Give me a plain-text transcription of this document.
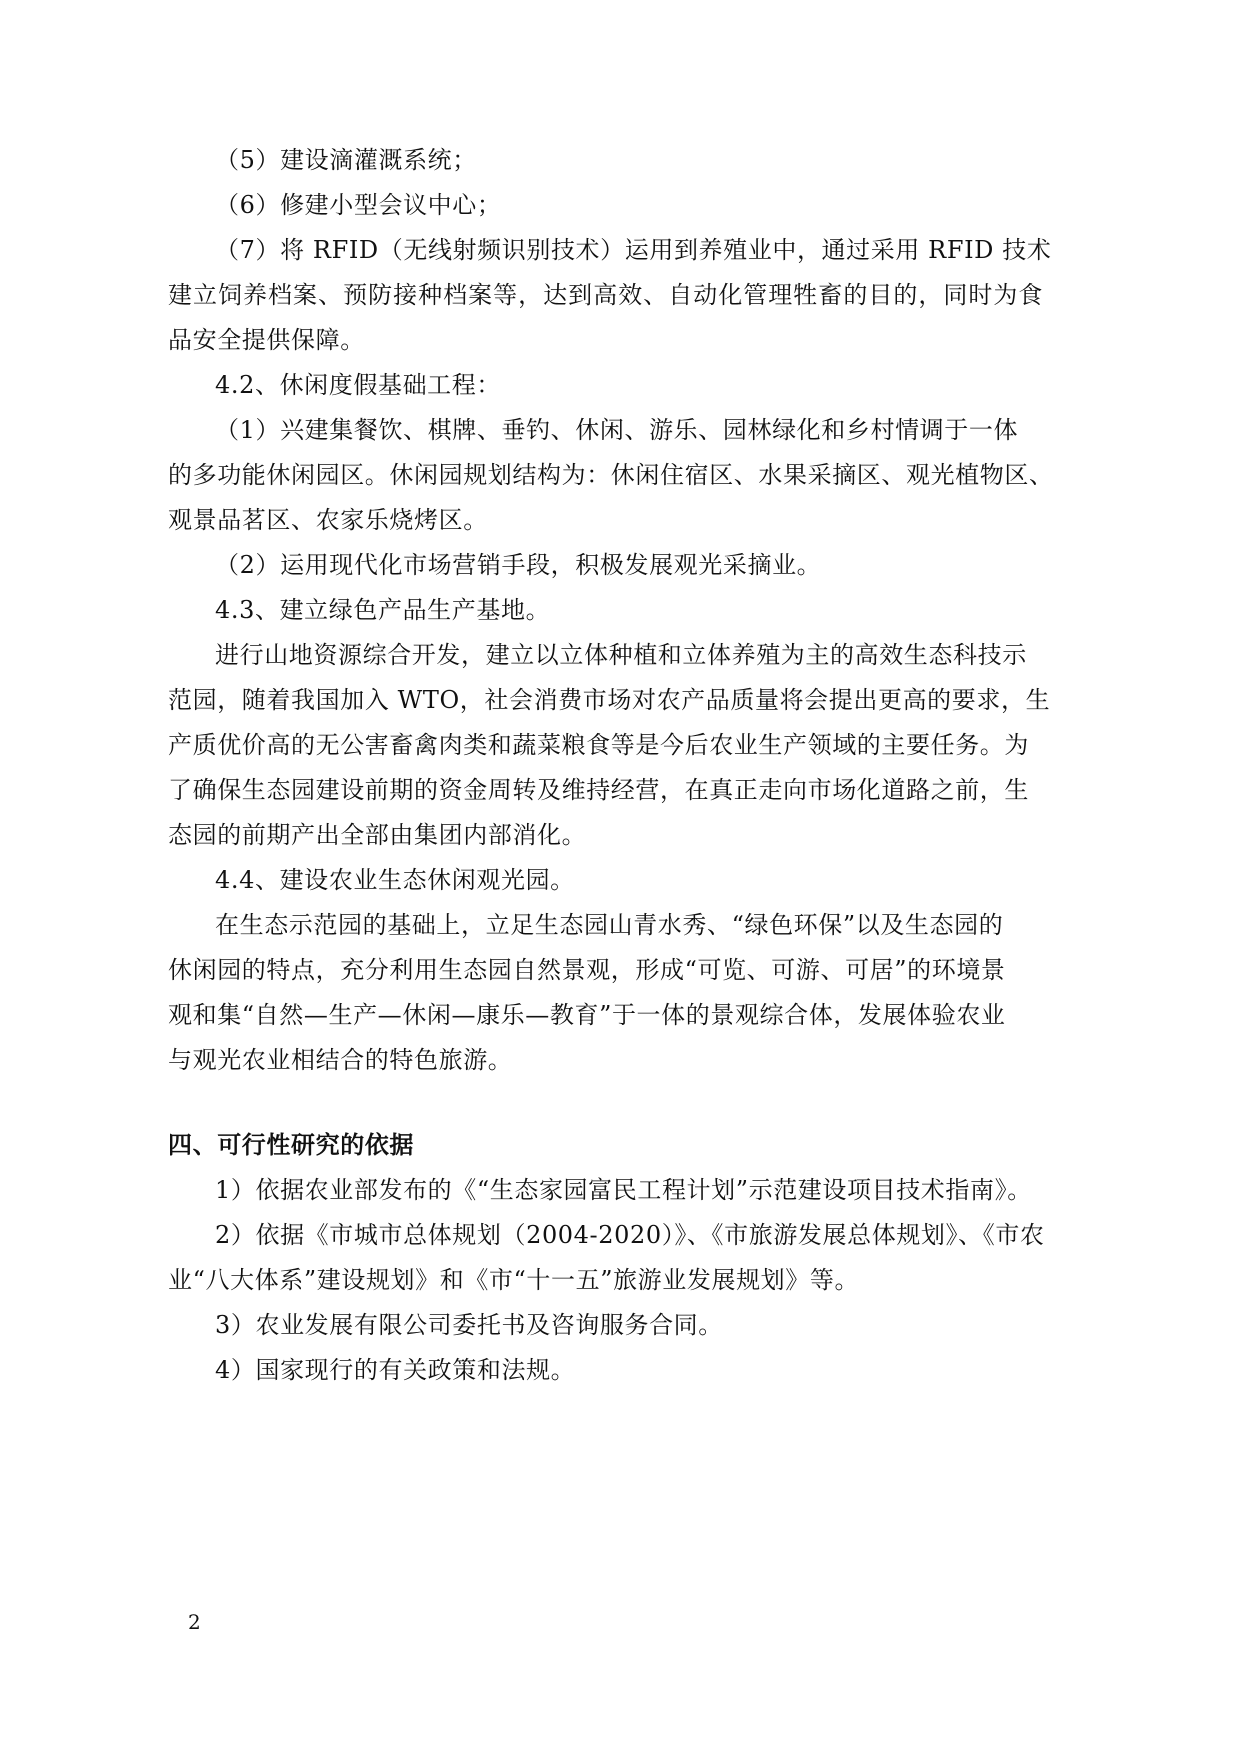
（5）建设滴灌溉系统；
（6）修建小型会议中心；
（7）将 RFID（无线射频识别技术）运用到养殖业中，通过采用 RFID 技术
建立饲养档案、预防接种档案等，达到高效、自动化管理牲畜的目的，同时为食
品安全提供保障。
4.2、休闲度假基础工程：
（1）兴建集餐饮、棋牌、垂钓、休闲、游乐、园林绿化和乡村情调于一体
的多功能休闲园区。休闲园规划结构为：休闲住宿区、水果采摘区、观光植物区、
观景品茗区、农家乐烧烤区。
（2）运用现代化市场营销手段，积极发展观光采摘业。
4.3、建立绿色产品生产基地。
进行山地资源综合开发，建立以立体种植和立体养殖为主的高效生态科技示
范园，随着我国加入 WTO，社会消费市场对农产品质量将会提出更高的要求，生
产质优价高的无公害畜禽肉类和蔬菜粮食等是今后农业生产领域的主要任务。为
了确保生态园建设前期的资金周转及维持经营，在真正走向市场化道路之前，生
态园的前期产出全部由集团内部消化。
4.4、建设农业生态休闲观光园。
在生态示范园的基础上，立足生态园山青水秀、“绿色环保”以及生态园的
休闲园的特点，充分利用生态园自然景观，形成“可览、可游、可居”的环境景
观和集“自然—生产—休闲—康乐—教育”于一体的景观综合体，发展体验农业
与观光农业相结合的特色旅游。
四、可行性研究的依据
1）依据农业部发布的《“生态家园富民工程计划”示范建设项目技术指南》。
2）依据《市城市总体规划（2004-2020）》、《市旅游发展总体规划》、《市农
业“八大体系”建设规划》和《市“十一五”旅游业发展规划》等。
3）农业发展有限公司委托书及咨询服务合同。
4）国家现行的有关政策和法规。
2
